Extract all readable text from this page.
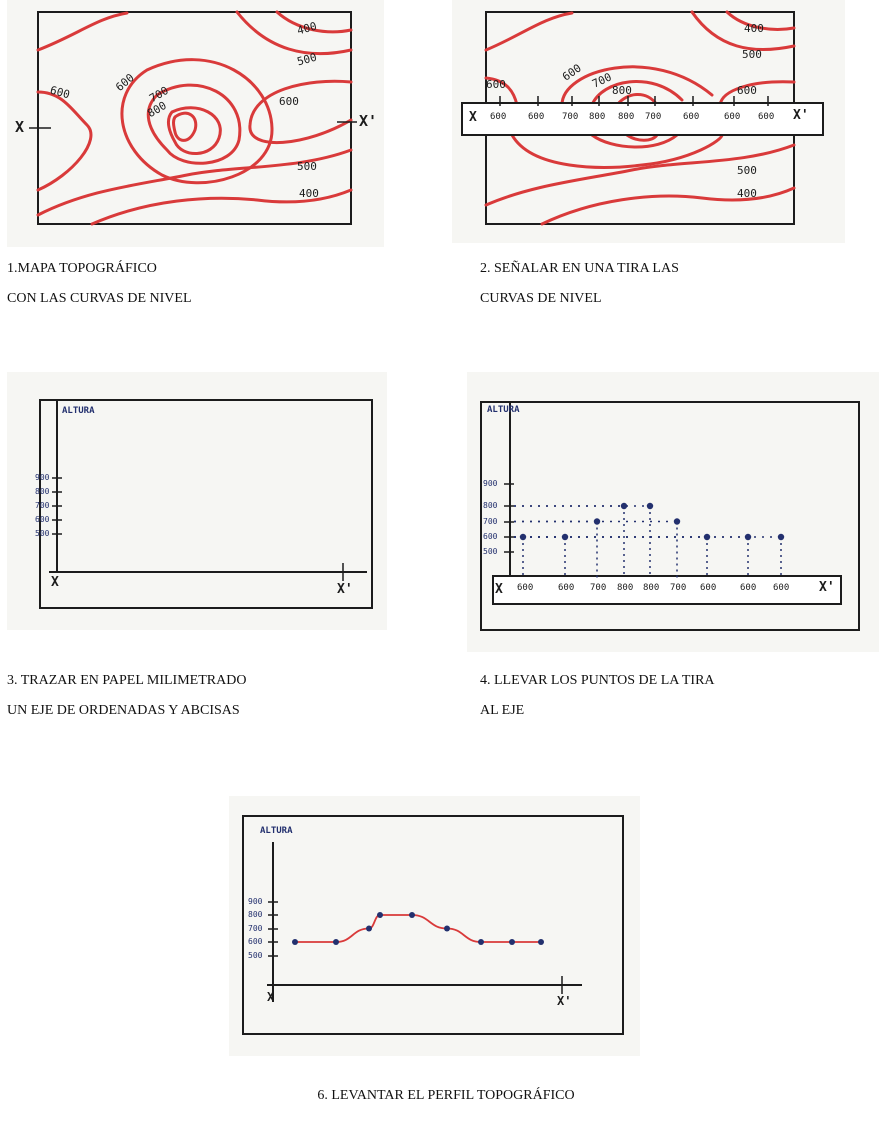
X	X'
400
500
600	600
700
800	600
500
400
1.MAPA TOPOGRÁFICO
CON LAS CURVAS DE NIVEL
400
500
600
600 700
800	600
500
400
X	X'
600 600 700 800 800 700 600	600 600
2. SEÑALAR EN UNA TIRA LAS
CURVAS DE NIVEL
ALTURA
900
800
700
600
500
X	X'
3. TRAZAR EN PAPEL MILIMETRADO
UN EJE DE ORDENADAS Y ABCISAS
ALTURA
900
800
700
600
500
X	X'
600	600 700 800 800 700 600	600 600
4. LLEVAR LOS PUNTOS DE LA TIRA
AL EJE
ALTURA
900
800
700
600
500
X	X'
6. LEVANTAR EL PERFIL TOPOGRÁFICO
